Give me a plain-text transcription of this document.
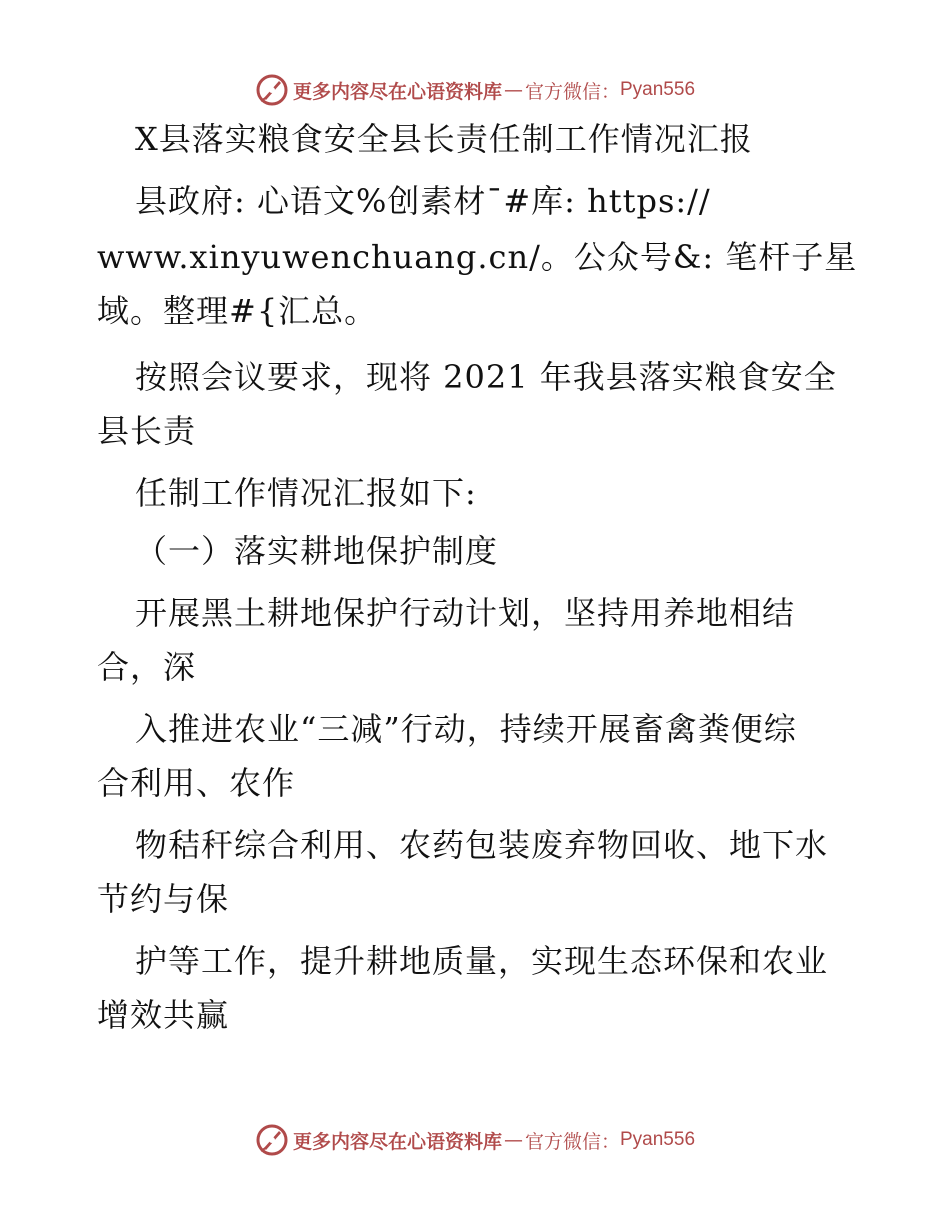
更多内容尽在心语资料库 — 官方微信： Pyan556
X县落实粮食安全县长责任制工作情况汇报
县政府: 心语文%创素材¯#库: https://
www.xinyuwenchuang.cn/。公众号&: 笔杆子星
域。整理#{汇总。
按照会议要求，现将 2021 年我县落实粮食安全
县长责
任制工作情况汇报如下:
（一）落实耕地保护制度
开展黑土耕地保护行动计划，坚持用养地相结
合，深
入推进农业“三减”行动，持续开展畜禽粪便综
合利用、农作
物秸秆综合利用、农药包装废弃物回收、地下水
节约与保
护等工作，提升耕地质量，实现生态环保和农业
增效共赢
更多内容尽在心语资料库 — 官方微信： Pyan556
